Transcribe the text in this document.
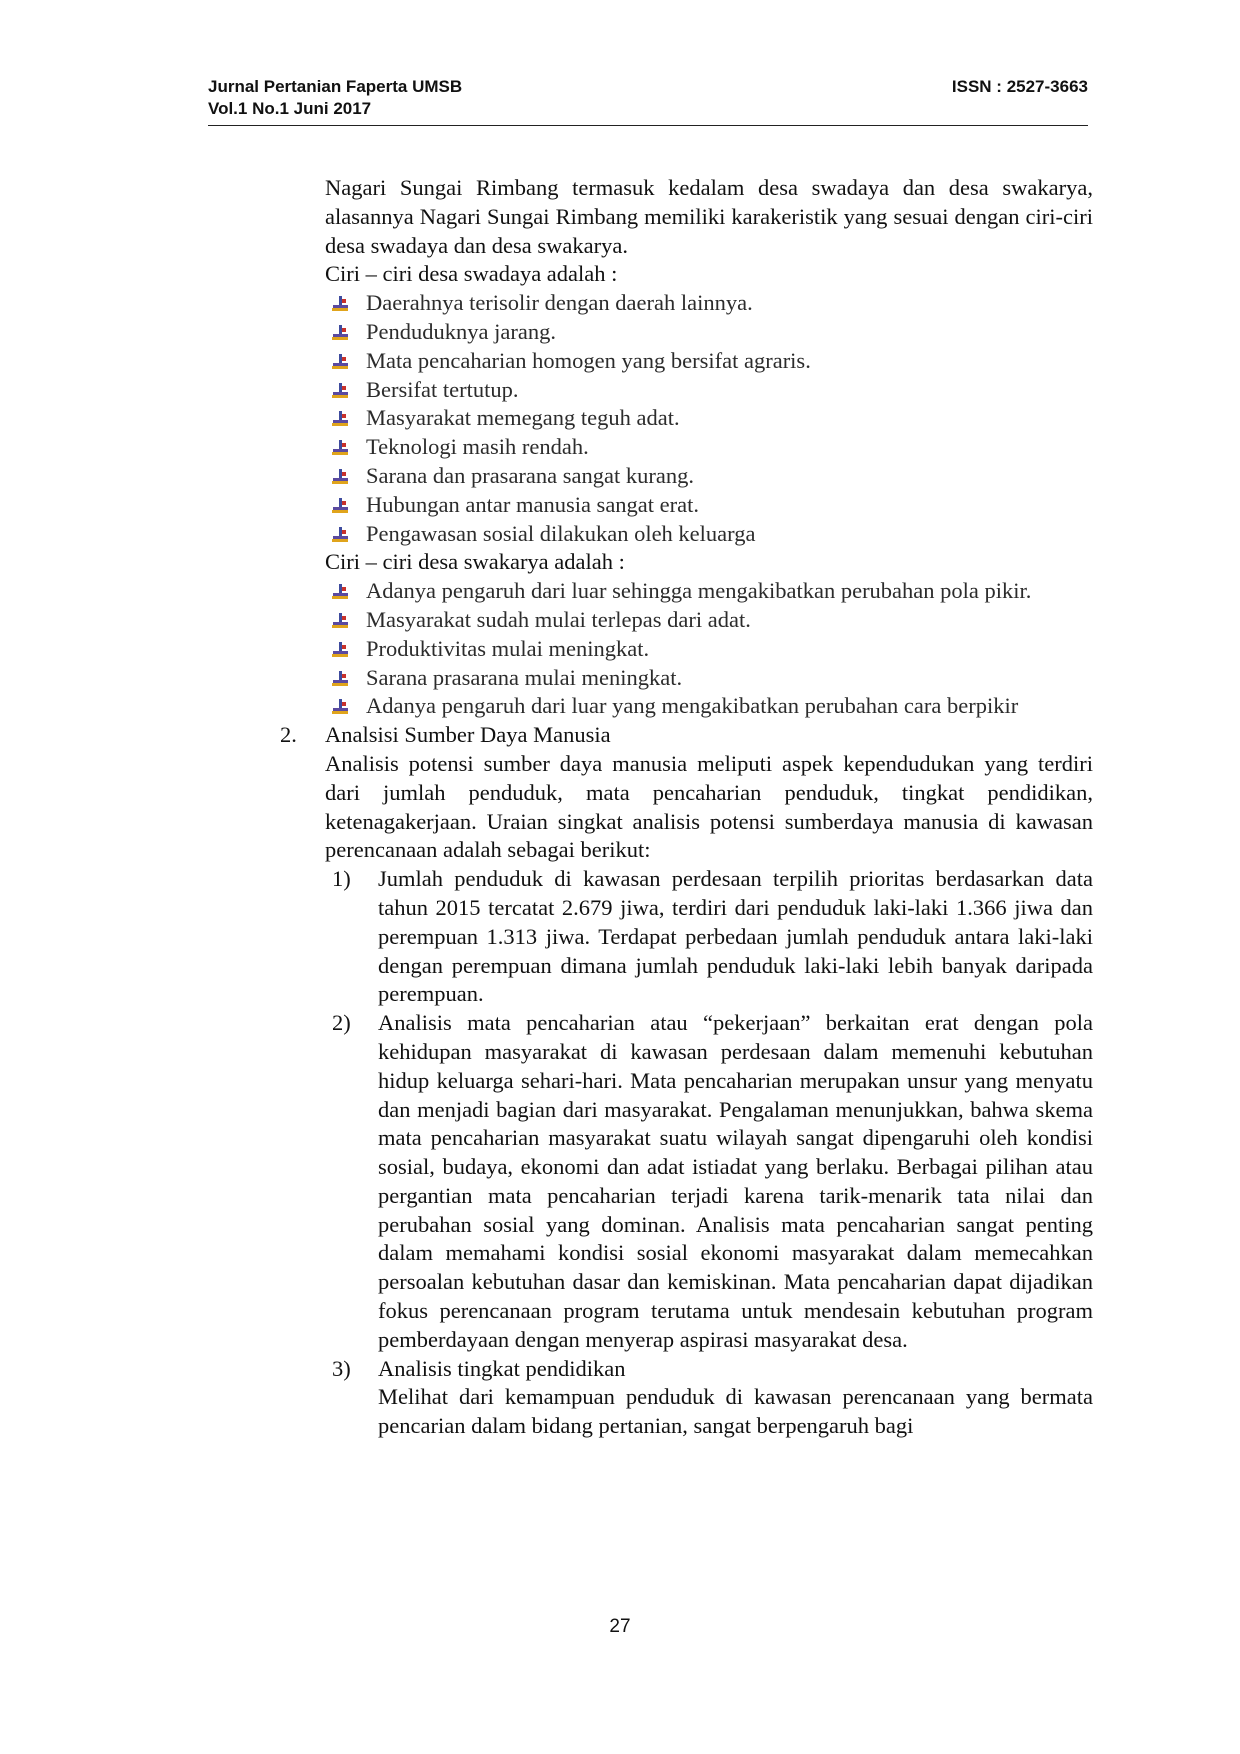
Jurnal Pertanian Faperta UMSB	ISSN : 2527-3663
Vol.1 No.1 Juni 2017

Nagari Sungai Rimbang termasuk kedalam desa swadaya dan desa swakarya, alasannya Nagari Sungai Rimbang memiliki karakeristik yang sesuai dengan ciri-ciri desa swadaya dan desa swakarya.

Ciri – ciri desa swadaya adalah :

Daerahnya terisolir dengan daerah lainnya.
Pendudukny​a jarang.
Mata pencaharian homogen yang bersifat agraris.
Bersifat tertutup.
Masyarakat memegang teguh adat.
Teknologi masih rendah.
Sarana dan prasarana sangat kurang.
Hubungan antar manusia sangat erat.
Pengawasan sosial dilakukan oleh keluarga

Ciri – ciri desa swakarya adalah :

Adanya pengaruh dari luar sehingga mengakibatkan perubahan pola pikir.
Masyarakat sudah mulai terlepas dari adat.
Produktivitas mulai meningkat.
Sarana prasarana mulai meningkat.
Adanya pengaruh dari luar yang mengakibatkan perubahan cara berpikir
2.	Analsisi Sumber Daya Manusia

Analisis potensi sumber daya manusia meliputi aspek kependudukan yang terdiri dari jumlah penduduk, mata pencaharian penduduk, tingkat pendidikan, ketenagakerjaan. Uraian singkat analisis potensi sumberdaya manusia di kawasan perencanaan adalah sebagai berikut:

1)	Jumlah penduduk di kawasan perdesaan terpilih prioritas berdasarkan data tahun 2015 tercatat 2.679 jiwa, terdiri dari penduduk laki-laki 1.366 jiwa dan perempuan 1.313 jiwa. Terdapat perbedaan jumlah penduduk antara laki-laki dengan perempuan dimana jumlah penduduk laki-laki lebih banyak daripada perempuan.
2)	Analisis mata pencaharian atau “pekerjaan” berkaitan erat dengan pola kehidupan masyarakat di kawasan perdesaan dalam memenuhi kebutuhan hidup keluarga sehari-hari. Mata pencaharian merupakan unsur yang menyatu dan menjadi bagian dari masyarakat. Pengalaman menunjukkan, bahwa skema mata pencaharian masyarakat suatu wilayah sangat dipengaruhi oleh kondisi sosial, budaya, ekonomi dan adat istiadat yang berlaku. Berbagai pilihan atau pergantian mata pencaharian terjadi karena tarik-menarik tata nilai dan perubahan sosial yang dominan. Analisis mata pencaharian sangat penting dalam memahami kondisi sosial ekonomi masyarakat dalam memecahkan persoalan kebutuhan dasar dan kemiskinan. Mata pencaharian dapat dijadikan fokus perencanaan program terutama untuk mendesain kebutuhan program pemberdayaan dengan menyerap aspirasi masyarakat desa.
3)	Analisis tingkat pendidikan

Melihat dari kemampuan penduduk di kawasan perencanaan yang bermata pencarian dalam bidang pertanian, sangat berpengaruh bagi

27
